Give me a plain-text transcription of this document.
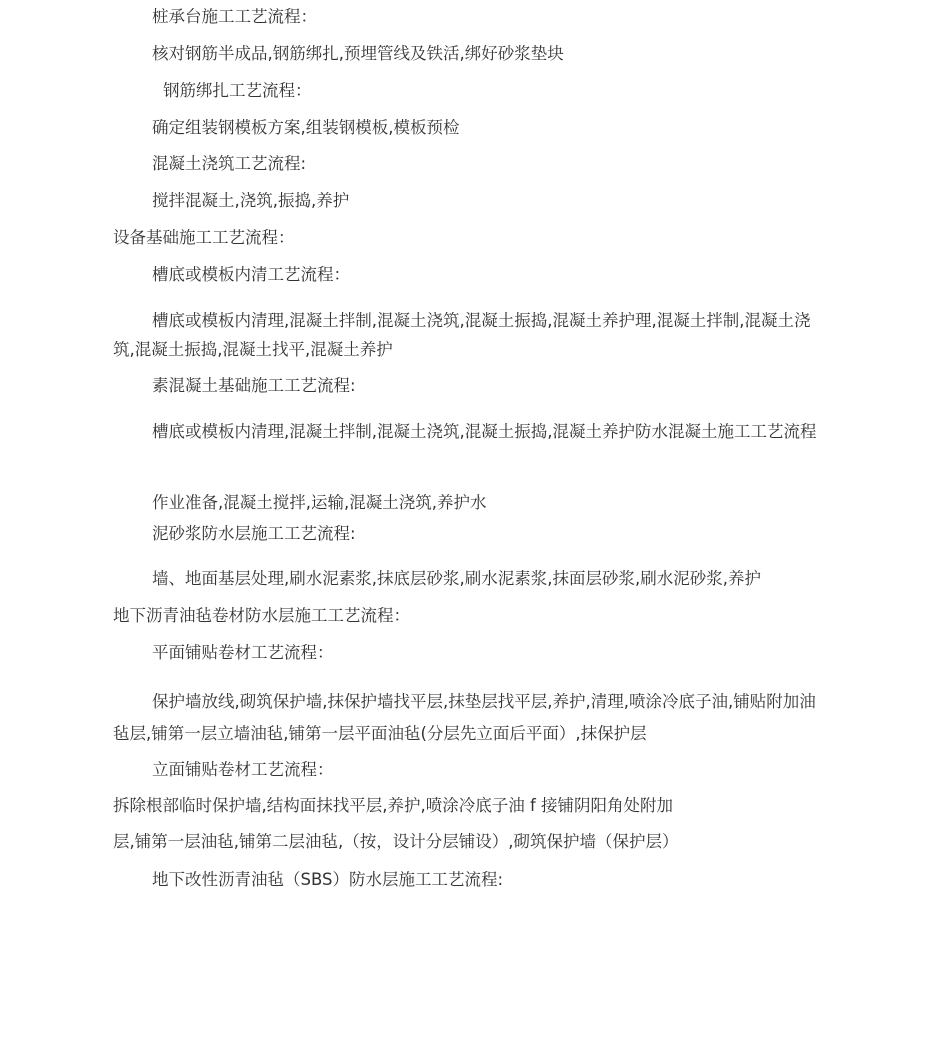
桩承台施工工艺流程：
核对钢筋半成品,钢筋绑扎,预埋管线及铁活,绑好砂浆垫块
钢筋绑扎工艺流程：
确定组装钢模板方案,组装钢模板,模板预检
混凝土浇筑工艺流程:
搅拌混凝土,浇筑,振捣,养护
设备基础施工工艺流程：
槽底或模板内清工艺流程：
槽底或模板内清理,混凝土拌制,混凝土浇筑,混凝土振捣,混凝土养护理,混凝土拌制,混凝土浇筑,混凝土振捣,混凝土找平,混凝土养护
素混凝土基础施工工艺流程:
槽底或模板内清理,混凝土拌制,混凝土浇筑,混凝土振捣,混凝土养护防水混凝土施工工艺流程
作业准备,混凝土搅拌,运输,混凝土浇筑,养护水
泥砂浆防水层施工工艺流程:
墙、地面基层处理,刷水泥素浆,抹底层砂浆,刷水泥素浆,抹面层砂浆,刷水泥砂浆,养护
地下沥青油毡卷材防水层施工工艺流程：
平面铺贴卷材工艺流程：
保护墙放线,砌筑保护墙,抹保护墙找平层,抹垫层找平层,养护,清理,喷涂冷底子油,铺贴附加油毡层,铺第一层立墙油毡,铺第一层平面油毡(分层先立面后平面）,抹保护层
立面铺贴卷材工艺流程：
拆除根部临时保护墙,结构面抹找平层,养护,喷涂冷底子油 f 接铺阴阳角处附加
层,铺第一层油毡,铺第二层油毡,（按，设计分层铺设）,砌筑保护墙（保护层）
地下改性沥青油毡（SBS）防水层施工工艺流程:
